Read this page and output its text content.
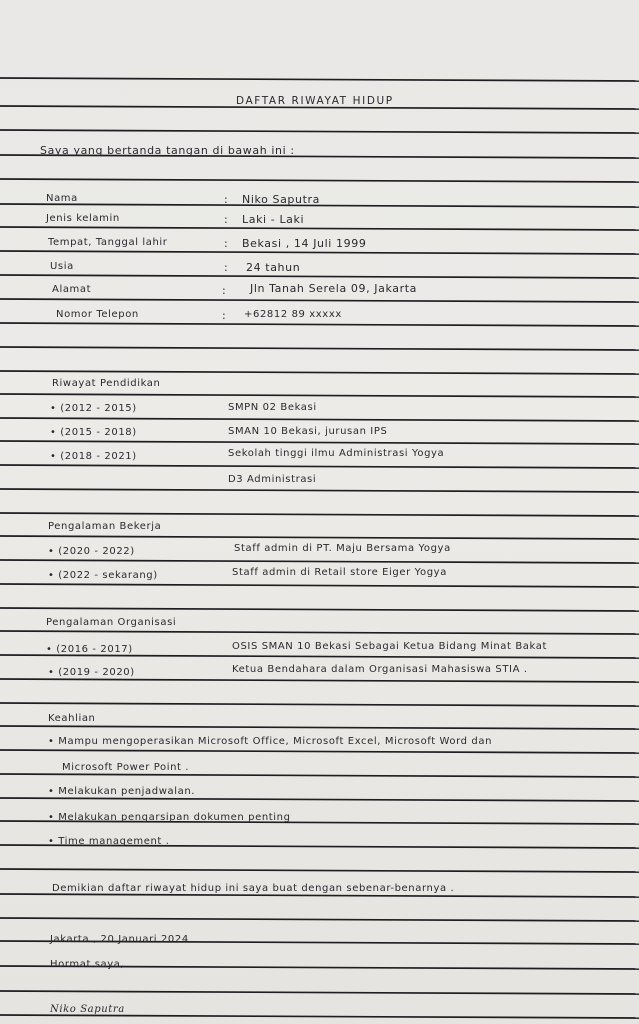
DAFTAR RIWAYAT HIDUP
Saya yang bertanda tangan di bawah ini :
Nama	: Niko Saputra
Jenis kelamin	: Laki - Laki
Tempat, Tanggal lahir	: Bekasi , 14 Juli 1999
Usia	: 24 tahun
Alamat	: Jln Tanah Serela 09, Jakarta
Nomor Telepon	: +62812 89 xxxxx
Riwayat Pendidikan
• (2012 - 2015)	SMPN 02 Bekasi
• (2015 - 2018)	SMAN 10 Bekasi, jurusan IPS
• (2018 - 2021)	Sekolah tinggi ilmu Administrasi Yogya
D3 Administrasi
Pengalaman Bekerja
• (2020 - 2022)	Staff admin di PT. Maju Bersama Yogya
• (2022 - sekarang)	Staff admin di Retail store Eiger Yogya
Pengalaman Organisasi
• (2016 - 2017)	OSIS SMAN 10 Bekasi Sebagai Ketua Bidang Minat Bakat
• (2019 - 2020)	Ketua Bendahara dalam Organisasi Mahasiswa STIA .
Keahlian
• Mampu mengoperasikan Microsoft Office, Microsoft Excel, Microsoft Word dan
Microsoft Power Point .
• Melakukan penjadwalan.
• Melakukan pengarsipan dokumen penting
• Time management .
Demikian daftar riwayat hidup ini saya buat dengan sebenar-benarnya .
Jakarta , 20 Januari 2024
Hormat saya,
Niko Saputra
